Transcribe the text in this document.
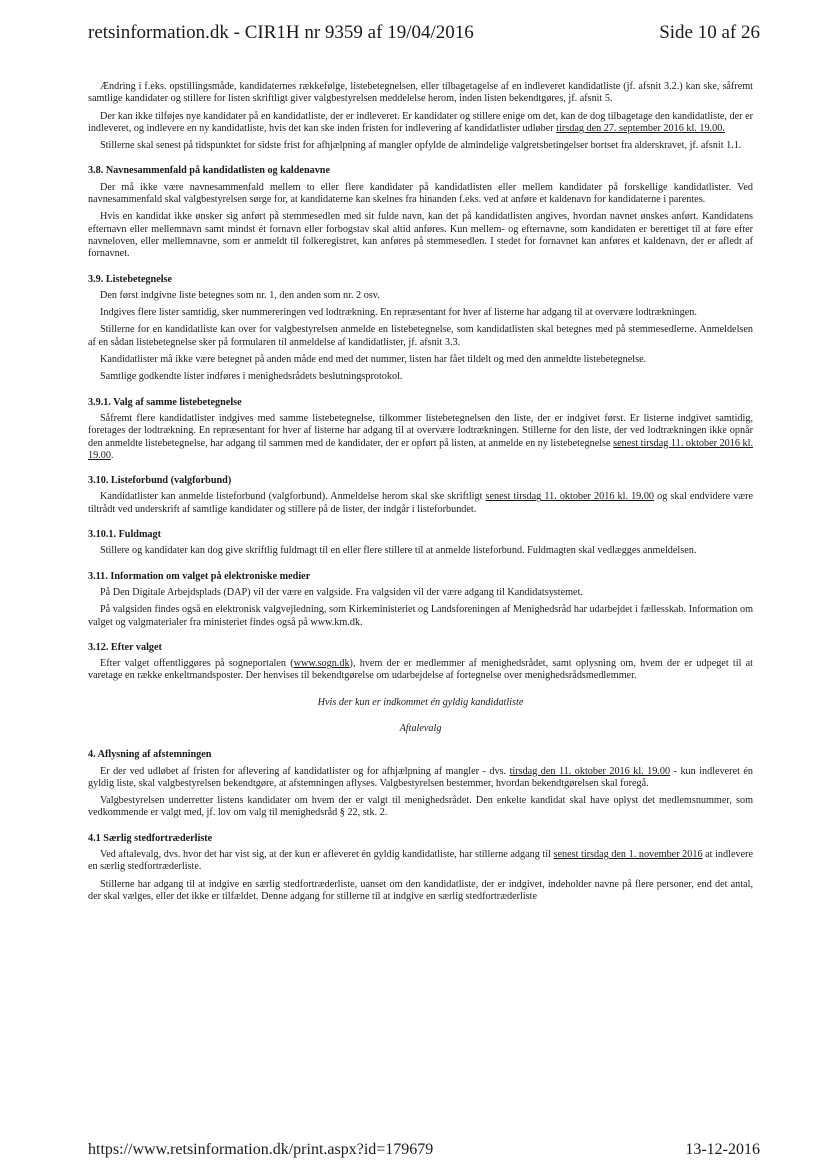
retsinformation.dk - CIR1H nr 9359 af 19/04/2016	Side 10 af 26

Ændring i f.eks. opstillingsmåde, kandidaternes rækkefølge, listebetegnelsen, eller tilbagetagelse af en indleveret kandidatliste (jf. afsnit 3.2.) kan ske, såfremt samtlige kandidater og stillere for listen skriftligt giver valgbestyrelsen meddelelse herom, inden listen bekendtgøres, jf. afsnit 5.

Der kan ikke tilføjes nye kandidater på en kandidatliste, der er indleveret. Er kandidater og stillere enige om det, kan de dog tilbagetage den kandidatliste, der er indleveret, og indlevere en ny kandidatliste, hvis det kan ske inden fristen for indlevering af kandidatlister udløber tirsdag den 27. september 2016 kl. 19.00.

Stillerne skal senest på tidspunktet for sidste frist for afhjælpning af mangler opfylde de almindelige valgretsbetingelser bortset fra alderskravet, jf. afsnit 1.1.

3.8. Navnesammenfald på kandidatlisten og kaldenavne

Der må ikke være navnesammenfald mellem to eller flere kandidater på kandidatlisten eller mellem kandidater på forskellige kandidatlister. Ved navnesammenfald skal valgbestyrelsen sørge for, at kandidaterne kan skelnes fra hinanden f.eks. ved at anføre et kaldenavn for kandidaterne i parentes.

Hvis en kandidat ikke ønsker sig anført på stemmesedlen med sit fulde navn, kan det på kandidatlisten angives, hvordan navnet ønskes anført. Kandidatens efternavn eller mellemnavn samt mindst ét fornavn eller forbogstav skal altid anføres. Kun mellem- og efternavne, som kandidaten er berettiget til at føre efter navneloven, eller mellemnavne, som er anmeldt til folkeregistret, kan anføres på stemmesedlen. I stedet for fornavnet kan anføres et kaldenavn, der er afledt af fornavnet.

3.9. Listebetegnelse

Den først indgivne liste betegnes som nr. 1, den anden som nr. 2 osv.

Indgives flere lister samtidig, sker nummereringen ved lodtrækning. En repræsentant for hver af listerne har adgang til at overvære lodtrækningen.

Stillerne for en kandidatliste kan over for valgbestyrelsen anmelde en listebetegnelse, som kandidatlisten skal betegnes med på stemmesedlerne. Anmeldelsen af en sådan listebetegnelse sker på formularen til anmeldelse af kandidatlister, jf. afsnit 3.3.

Kandidatlister må ikke være betegnet på anden måde end med det nummer, listen har fået tildelt og med den anmeldte listebetegnelse.

Samtlige godkendte lister indføres i menighedsrådets beslutningsprotokol.

3.9.1. Valg af samme listebetegnelse

Såfremt flere kandidatlister indgives med samme listebetegnelse, tilkommer listebetegnelsen den liste, der er indgivet først. Er listerne indgivet samtidig, foretages der lodtrækning. En repræsentant for hver af listerne har adgang til at overvære lodtrækningen. Stillerne for den liste, der ved lodtrækningen ikke opnår den anmeldte listebetegnelse, har adgang til sammen med de kandidater, der er opført på listen, at anmelde en ny listebetegnelse senest tirsdag 11. oktober 2016 kl. 19.00.

3.10. Listeforbund (valgforbund)

Kandidatlister kan anmelde listeforbund (valgforbund). Anmeldelse herom skal ske skriftligt senest tirsdag 11. oktober 2016 kl. 19.00 og skal endvidere være tiltrådt ved underskrift af samtlige kandidater og stillere på de lister, der indgår i listeforbundet.

3.10.1. Fuldmagt

Stillere og kandidater kan dog give skriftlig fuldmagt til en eller flere stillere til at anmelde listeforbund. Fuldmagten skal vedlægges anmeldelsen.

3.11. Information om valget på elektroniske medier

På Den Digitale Arbejdsplads (DAP) vil der være en valgside. Fra valgsiden vil der være adgang til Kandidatsystemet.

På valgsiden findes også en elektronisk valgvejledning, som Kirkeministeriet og Landsforeningen af Menighedsråd har udarbejdet i fællesskab. Information om valget og valgmaterialer fra ministeriet findes også på www.km.dk.

3.12. Efter valget

Efter valget offentliggøres på sogneportalen (www.sogn.dk), hvem der er medlemmer af menighedsrådet, samt oplysning om, hvem der er udpeget til at varetage en række enkeltmandsposter. Der henvises til bekendtgørelse om udarbejdelse af fortegnelse over menighedsrådsmedlemmer.

Hvis der kun er indkommet én gyldig kandidatliste

Aftalevalg

4. Aflysning af afstemningen

Er der ved udløbet af fristen for aflevering af kandidatlister og for afhjælpning af mangler - dvs. tirsdag den 11. oktober 2016 kl. 19.00 - kun indleveret én gyldig liste, skal valgbestyrelsen bekendtgøre, at afstemningen aflyses. Valgbestyrelsen bestemmer, hvordan bekendtgørelsen skal foregå.

Valgbestyrelsen underretter listens kandidater om hvem der er valgt til menighedsrådet. Den enkelte kandidat skal have oplyst det medlemsnummer, som vedkommende er valgt med, jf. lov om valg til menighedsråd § 22, stk. 2.

4.1 Særlig stedfortræderliste

Ved aftalevalg, dvs. hvor det har vist sig, at der kun er afleveret én gyldig kandidatliste, har stillerne adgang til senest tirsdag den 1. november 2016 at indlevere en særlig stedfortræderliste.

Stillerne har adgang til at indgive en særlig stedfortræderliste, uanset om den kandidatliste, der er indgivet, indeholder navne på flere personer, end det antal, der skal vælges, eller det ikke er tilfældet. Denne adgang for stillerne til at indgive en særlig stedfortræderliste

https://www.retsinformation.dk/print.aspx?id=179679	13-12-2016
